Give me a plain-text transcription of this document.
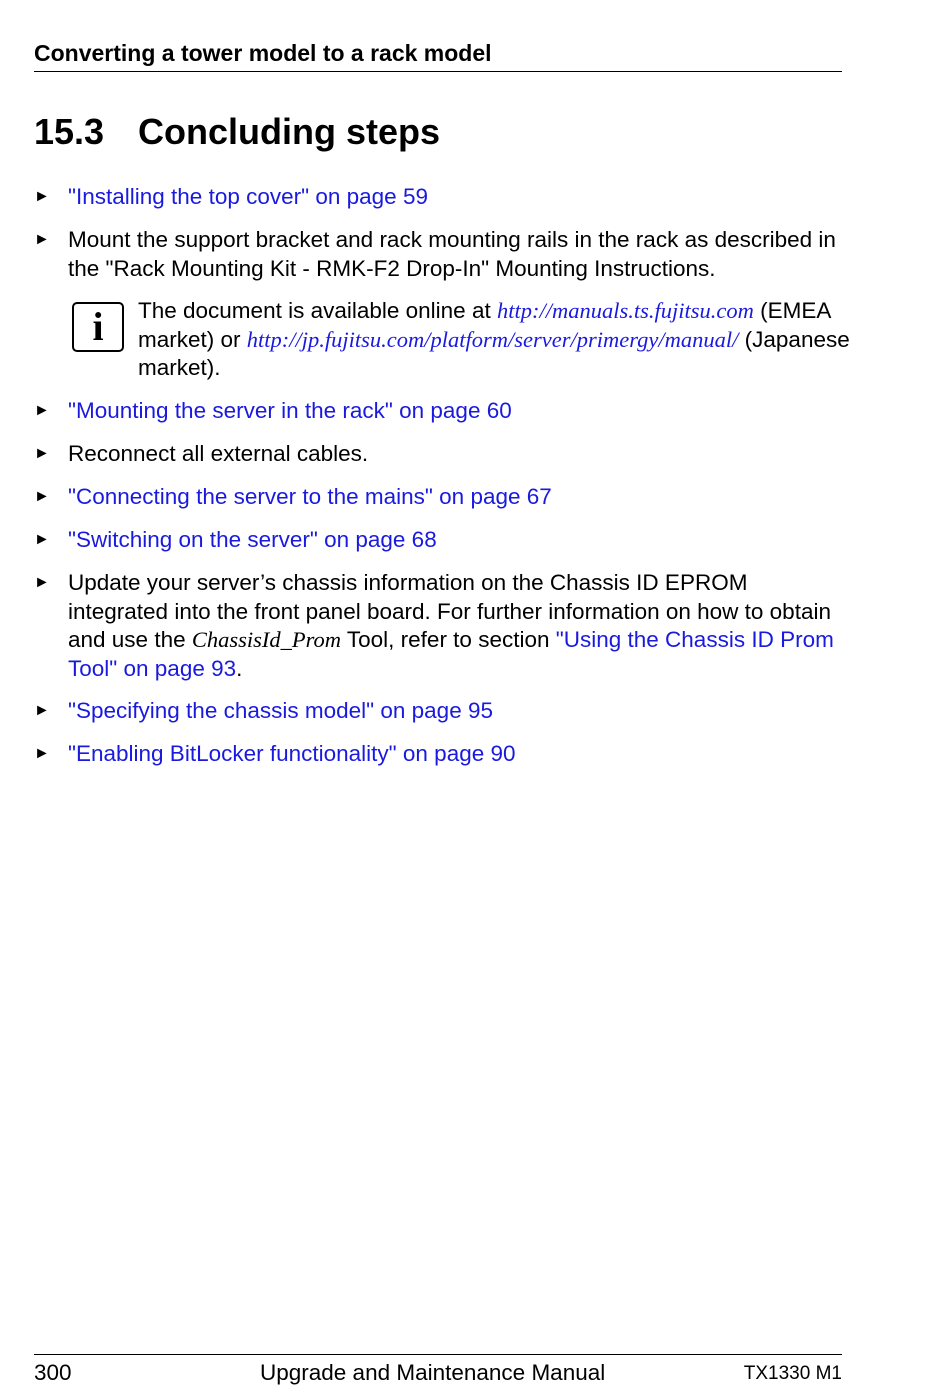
Converting a tower model to a rack model
15.3 Concluding steps
► "Installing the top cover" on page 59
► Mount the support bracket and rack mounting rails in the rack as described in the "Rack Mounting Kit - RMK-F2 Drop-In" Mounting Instructions.
i	The document is available online at http://manuals.ts.fujitsu.com (EMEA market) or http://jp.fujitsu.com/platform/server/primergy/manual/ (Japanese market).
► "Mounting the server in the rack" on page 60
► Reconnect all external cables.
► "Connecting the server to the mains" on page 67
► "Switching on the server" on page 68
► Update your server’s chassis information on the Chassis ID EPROM integrated into the front panel board. For further information on how to obtain and use the ChassisId_Prom Tool, refer to section "Using the Chassis ID Prom Tool" on page 93.
► "Specifying the chassis model" on page 95
► "Enabling BitLocker functionality" on page 90
300	Upgrade and Maintenance Manual	TX1330 M1
